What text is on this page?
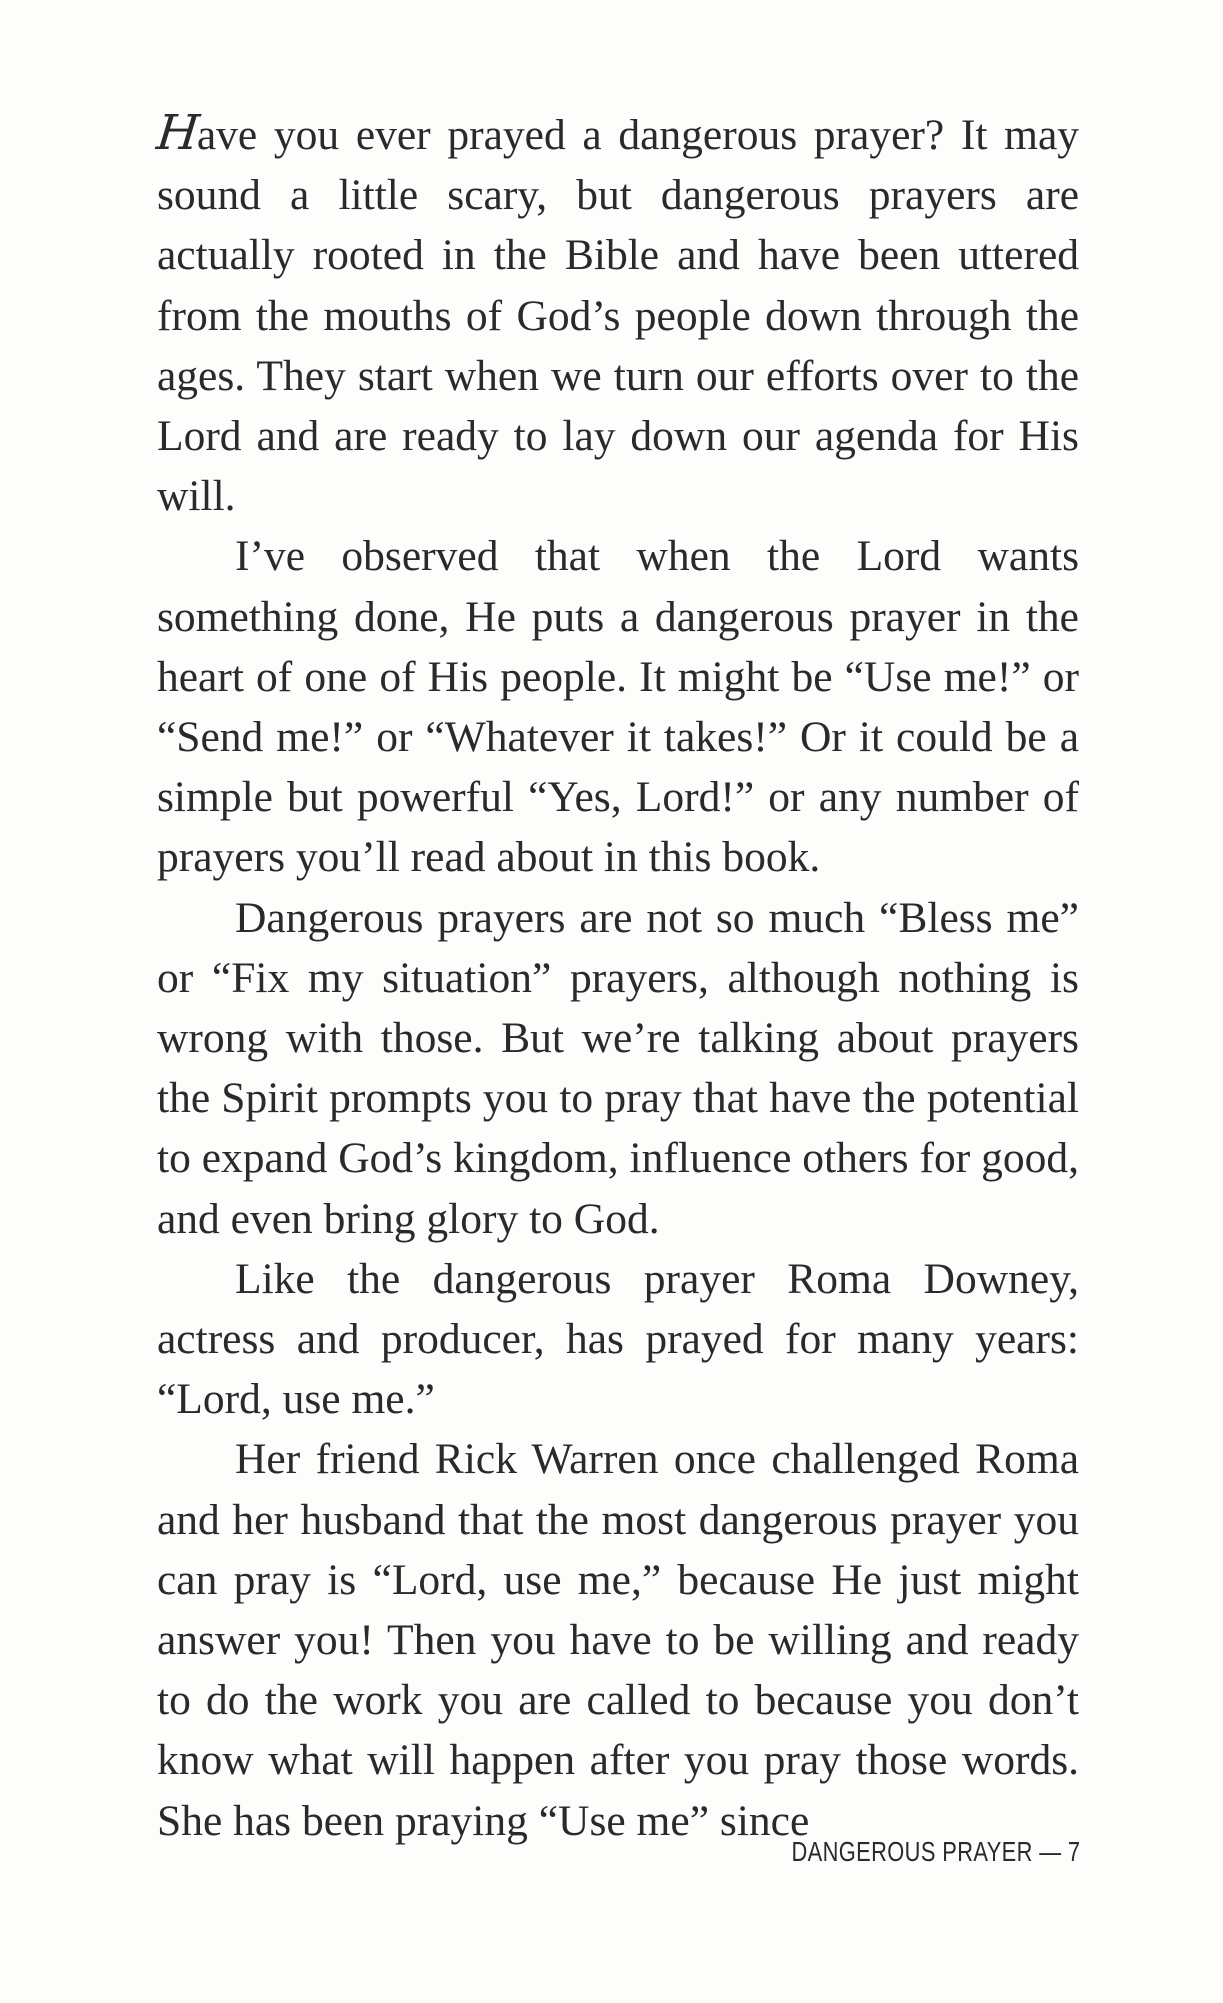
Have you ever prayed a dangerous prayer? It may sound a little scary, but dangerous prayers are actually rooted in the Bible and have been uttered from the mouths of God’s people down through the ages. They start when we turn our efforts over to the Lord and are ready to lay down our agenda for His will.

I’ve observed that when the Lord wants something done, He puts a dangerous prayer in the heart of one of His people. It might be “Use me!” or “Send me!” or “Whatever it takes!” Or it could be a simple but powerful “Yes, Lord!” or any number of prayers you’ll read about in this book.

Dangerous prayers are not so much “Bless me” or “Fix my situation” prayers, although nothing is wrong with those. But we’re talking about prayers the Spirit prompts you to pray that have the potential to expand God’s kingdom, influence others for good, and even bring glory to God.

Like the dangerous prayer Roma Downey, actress and producer, has prayed for many years: “Lord, use me.”

Her friend Rick Warren once challenged Roma and her husband that the most dangerous prayer you can pray is “Lord, use me,” because He just might answer you! Then you have to be willing and ready to do the work you are called to because you don’t know what will happen after you pray those words. She has been praying “Use me” since

DANGEROUS PRAYER — 7
